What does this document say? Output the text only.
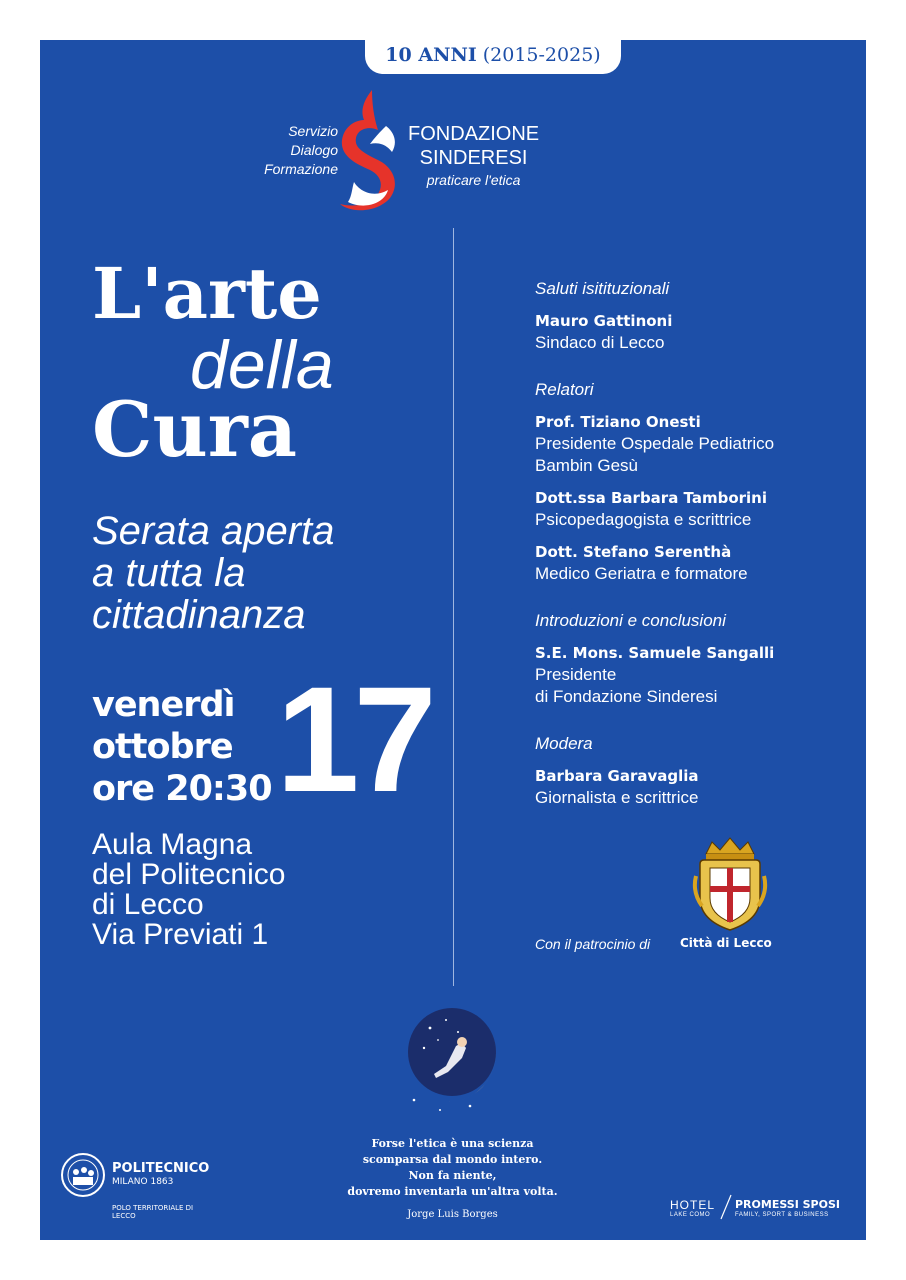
10 ANNI (2015-2025)
Servizio
Dialogo
Formazione
FONDAZIONE
SINDERESI
praticare l'etica
L'arte
della
Cura
Serata aperta
a tutta la
cittadinanza
venerdì
ottobre
ore 20:30 17
Aula Magna
del Politecnico
di Lecco
Via Previati 1
Saluti isitituzionali
Mauro Gattinoni
Sindaco di Lecco
Relatori
Prof. Tiziano Onesti
Presidente Ospedale Pediatrico
Bambin Gesù
Dott.ssa Barbara Tamborini
Psicopedagogista e scrittrice
Dott. Stefano Serenthà
Medico Geriatra e formatore
Introduzioni e conclusioni
S.E. Mons. Samuele Sangalli
Presidente
di Fondazione Sinderesi
Modera
Barbara Garavaglia
Giornalista e scrittrice
Con il patrocinio di Città di Lecco
Forse l'etica è una scienza
scomparsa dal mondo intero.
Non fa niente,
dovremo inventarla un'altra volta.
Jorge Luis Borges
POLITECNICO
MILANO 1863
POLO TERRITORIALE DI
LECCO
HOTEL
LAKE COMO
PROMESSI SPOSI
FAMILY, SPORT & BUSINESS
